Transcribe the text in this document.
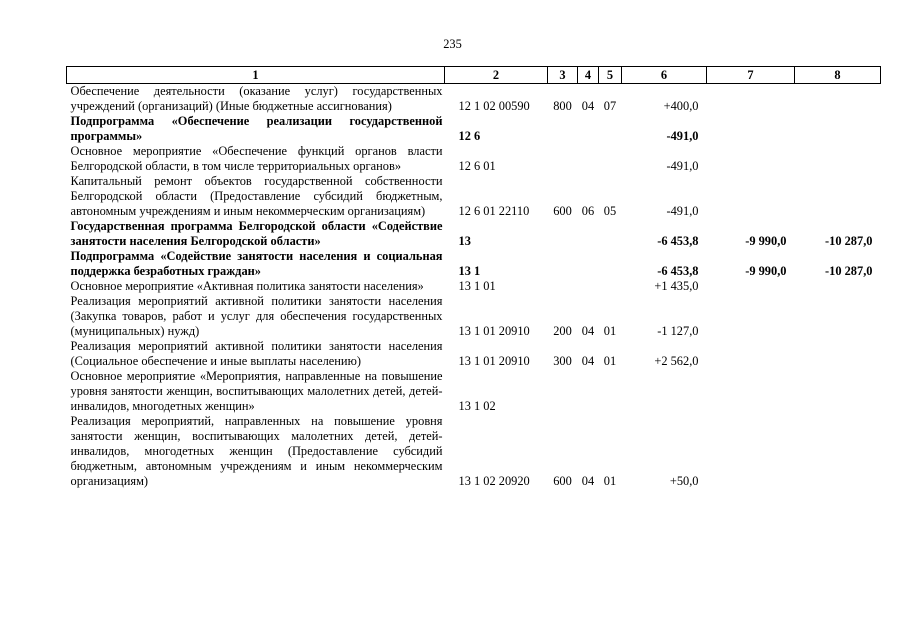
235
1	2	3	4	5	6	7	8
Обеспечение деятельности (оказание услуг) государственных учреждений (организаций) (Иные бюджетные ассигнования)	12 1 02 00590	800	04	07	+400,0		
Подпрограмма «Обеспечение реализации государственной программы»	12 6				-491,0		
Основное мероприятие «Обеспечение функций органов власти Белгородской области, в том числе территориальных органов»	12 6 01				-491,0		
Капитальный ремонт объектов государственной собственности Белгородской области (Предоставление субсидий бюджетным, автономным учреждениям и иным некоммерческим организациям)	12 6 01 22110	600	06	05	-491,0		
Государственная программа Белгородской области «Содействие занятости населения Белгородской области»	13				-6 453,8	-9 990,0	-10 287,0
Подпрограмма «Содействие занятости населения и социальная поддержка безработных граждан»	13 1				-6 453,8	-9 990,0	-10 287,0
Основное мероприятие «Активная политика занятости населения»	13 1 01				+1 435,0		
Реализация мероприятий активной политики занятости населения (Закупка товаров, работ и услуг для обеспечения государственных (муниципальных) нужд)	13 1 01 20910	200	04	01	-1 127,0		
Реализация мероприятий активной политики занятости населения (Социальное обеспечение и иные выплаты населению)	13 1 01 20910	300	04	01	+2 562,0		
Основное мероприятие «Мероприятия, направленные на повышение уровня занятости женщин, воспитывающих малолетних детей, детей-инвалидов, многодетных женщин»	13 1 02						
Реализация мероприятий, направленных на повышение уровня занятости женщин, воспитывающих малолетних детей, детей-инвалидов, многодетных женщин (Предоставление субсидий бюджетным, автономным учреждениям и иным некоммерческим организациям)	13 1 02 20920	600	04	01	+50,0		
